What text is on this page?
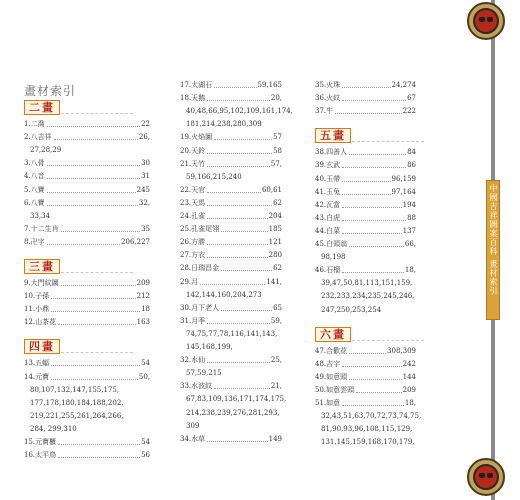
中國吉祥圖案百科 畫材索引
畫材索引
二畫
1.二喬	22
2.八吉祥	26,
27,28,29
3.八骨	30
4.八音	31
5.八寶	245
6.八寶	32,
33,34
7.十二生肖	35
8.卍字	206,227
三畫
9.大門紋圖	209
10.子孫	212
11.小鼎	18
12.山茶花	163
四畫
13.五蝠	54
14.元寶	50,
80,107,132,147,155,175,
177,178,180,184,188,202,
219,221,255,261,264,266,
284, 299,310
15.元寶櫃	54
16.太平鳥	56
17.太湖石	59,165
18.天鹅	20,
40,48,66,95,102,109,161,174,
181,214,238,280,309
19.火焰圖	57
20.天鈴	58
21.天竹	57,
59,166,215,240
22.天官	60,61
23.天馬	62
24.孔雀	204
25.孔雀尾翎	185
26.方勝	121
27.方衣	280
28.日瑞昌金	62
29.月	141,
142,144,160,204,273
30.月下老人	65
31.月季	59,
74,75,77,78,116,141,143,
145,168,199,
32.水仙	25,
57,59,215
33.水波紋	21,
67,83,109,136,171,174,175,
214,238,239,276,281,293,
309
34.水草	149
35.火珠	24,274
36.火紋	67
37.牛	222
五畫
38.四善人	84
39.玄武	86
40.玉帶	96,159
41.玉兔	97,164
42.瓦當	194
43.白虎	88
44.白菜	137
45.白頭翁	66,
98,198
46.石榴	18,
39,47,50,81,113,151,159,
232,233,234,235,245,246,
247,250,253,254
六畫
47.合歡花	308,309
48.吉字	242
49.如意頭	144
50.如意雲頭	209
51.如意	18,
32,43,51,63,70,72,73,74,75,
81,90,93,96,108,115,129,
131,145,159,168,170,179,
